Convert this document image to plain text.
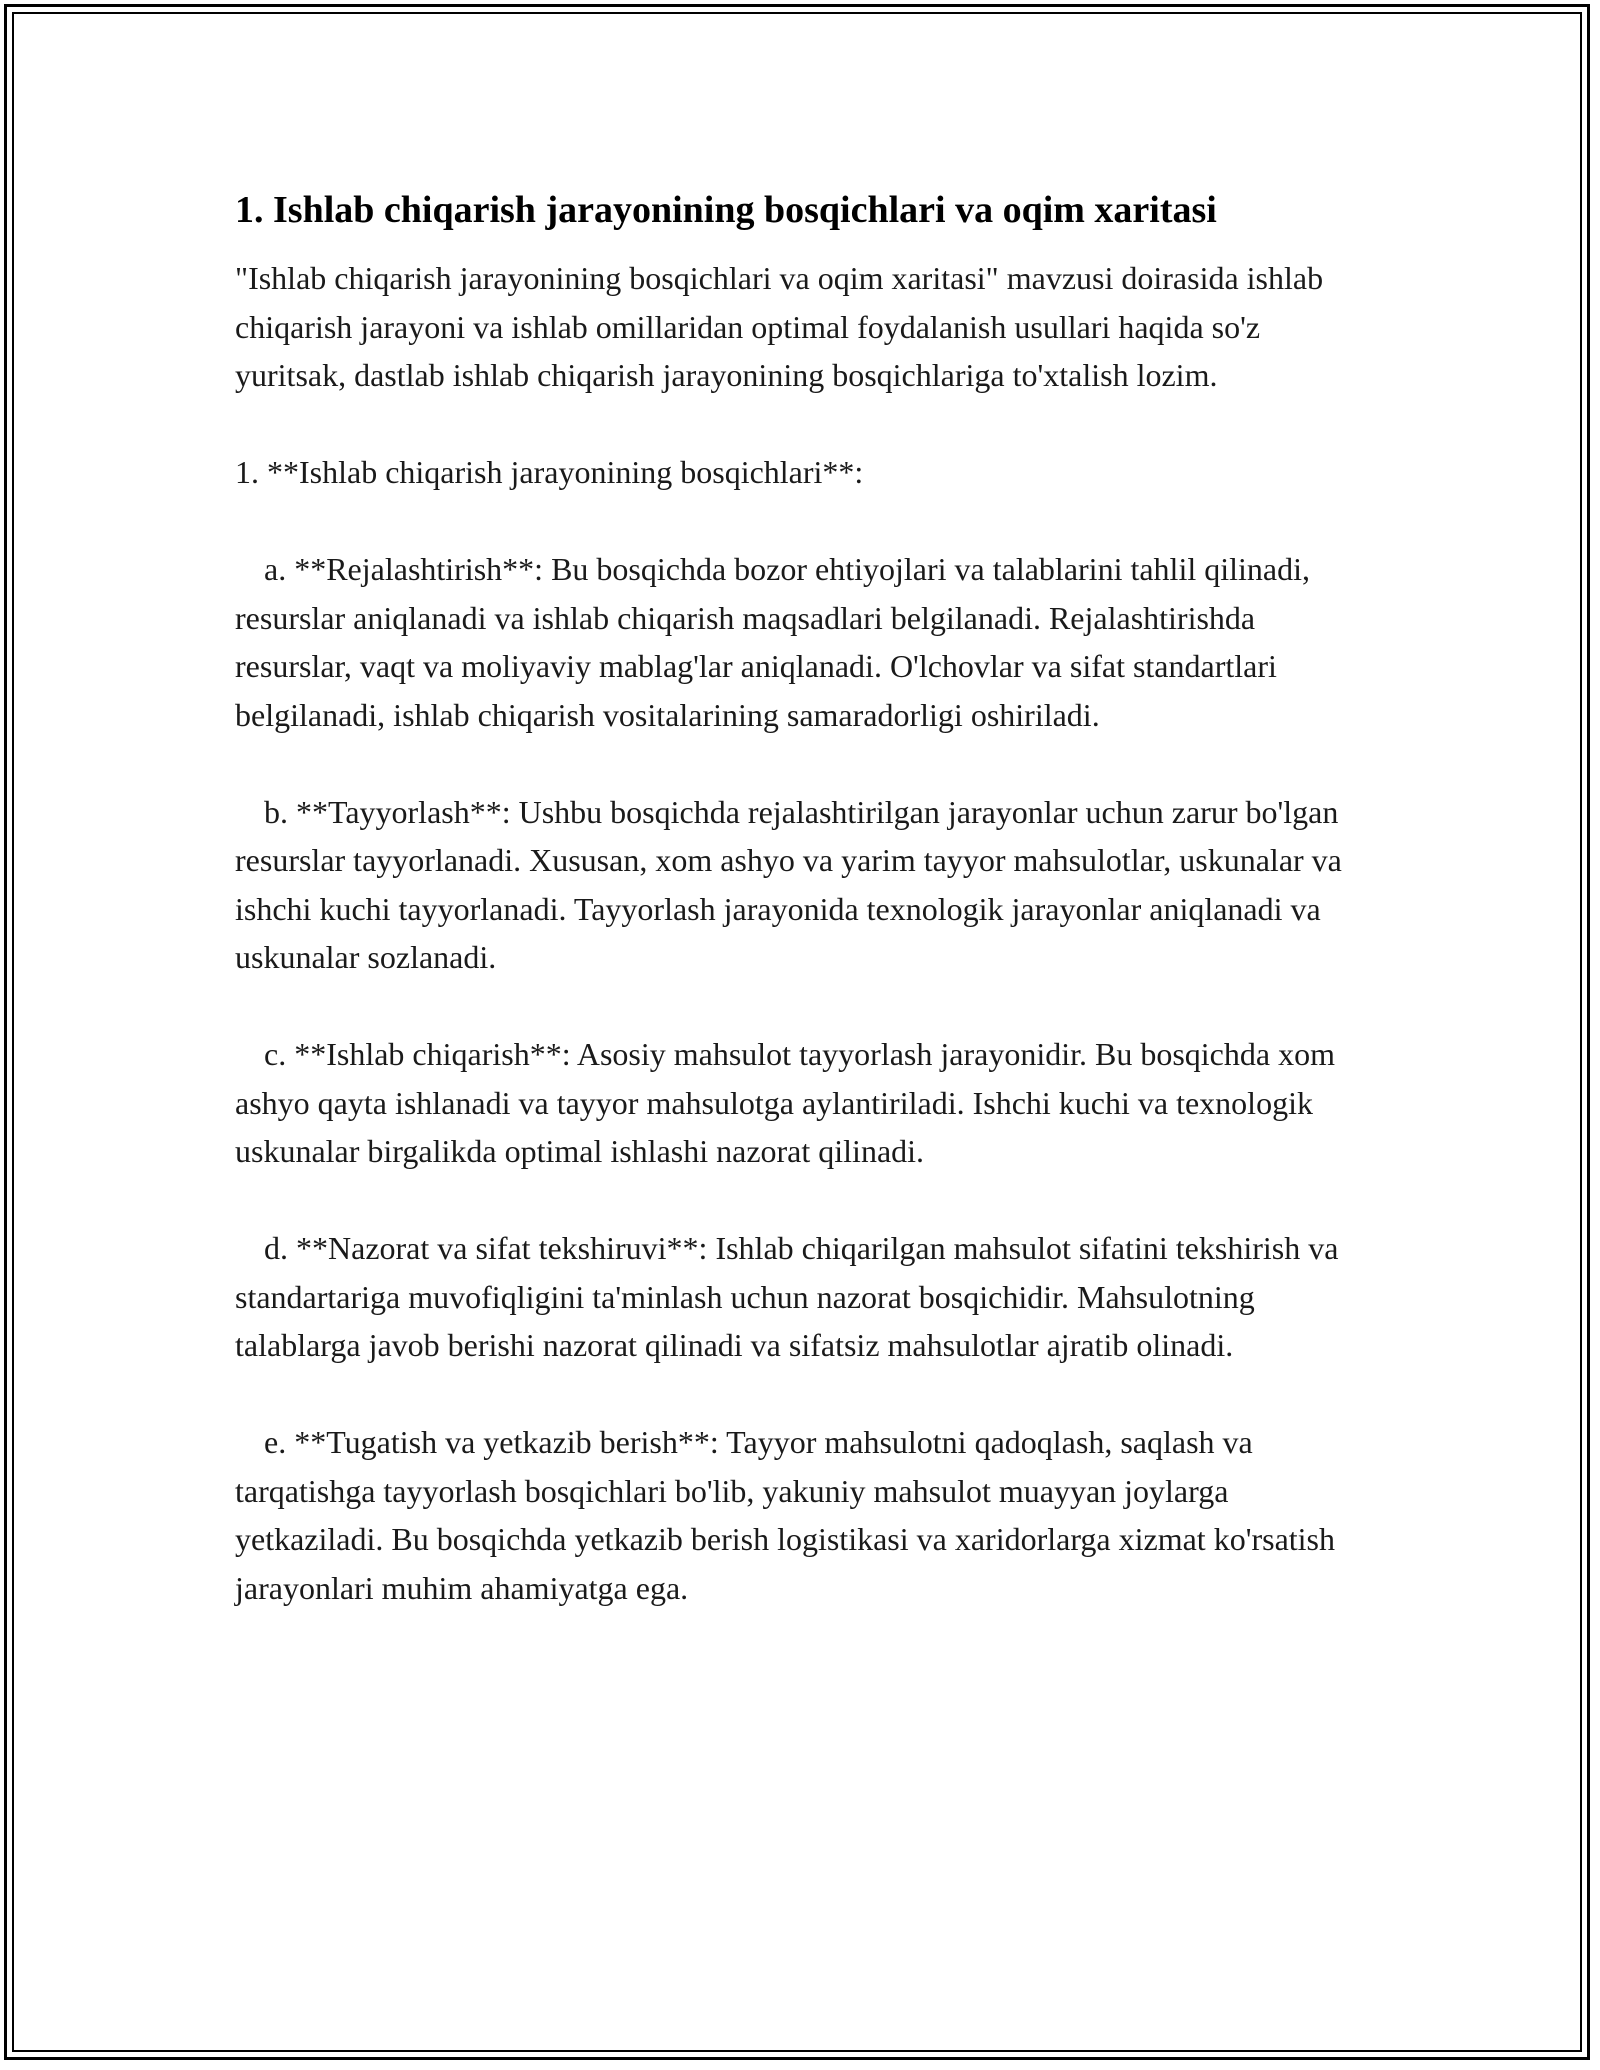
1. Ishlab chiqarish jarayonining bosqichlari va oqim xaritasi

"Ishlab chiqarish jarayonining bosqichlari va oqim xaritasi" mavzusi doirasida ishlab chiqarish jarayoni va ishlab omillaridan optimal foydalanish usullari haqida so'z yuritsak, dastlab ishlab chiqarish jarayonining bosqichlariga to'xtalish lozim.

1. **Ishlab chiqarish jarayonining bosqichlari**:

a. **Rejalashtirish**: Bu bosqichda bozor ehtiyojlari va talablarini tahlil qilinadi, resurslar aniqlanadi va ishlab chiqarish maqsadlari belgilanadi. Rejalashtirishda resurslar, vaqt va moliyaviy mablag'lar aniqlanadi. O'lchovlar va sifat standartlari belgilanadi, ishlab chiqarish vositalarining samaradorligi oshiriladi.

b. **Tayyorlash**: Ushbu bosqichda rejalashtirilgan jarayonlar uchun zarur bo'lgan resurslar tayyorlanadi. Xususan, xom ashyo va yarim tayyor mahsulotlar, uskunalar va ishchi kuchi tayyorlanadi. Tayyorlash jarayonida texnologik jarayonlar aniqlanadi va uskunalar sozlanadi.

c. **Ishlab chiqarish**: Asosiy mahsulot tayyorlash jarayonidir. Bu bosqichda xom ashyo qayta ishlanadi va tayyor mahsulotga aylantiriladi. Ishchi kuchi va texnologik uskunalar birgalikda optimal ishlashi nazorat qilinadi.

d. **Nazorat va sifat tekshiruvi**: Ishlab chiqarilgan mahsulot sifatini tekshirish va standartariga muvofiqligini ta'minlash uchun nazorat bosqichidir. Mahsulotning talablarga javob berishi nazorat qilinadi va sifatsiz mahsulotlar ajratib olinadi.

e. **Tugatish va yetkazib berish**: Tayyor mahsulotni qadoqlash, saqlash va tarqatishga tayyorlash bosqichlari bo'lib, yakuniy mahsulot muayyan joylarga yetkaziladi. Bu bosqichda yetkazib berish logistikasi va xaridorlarga xizmat ko'rsatish jarayonlari muhim ahamiyatga ega.
